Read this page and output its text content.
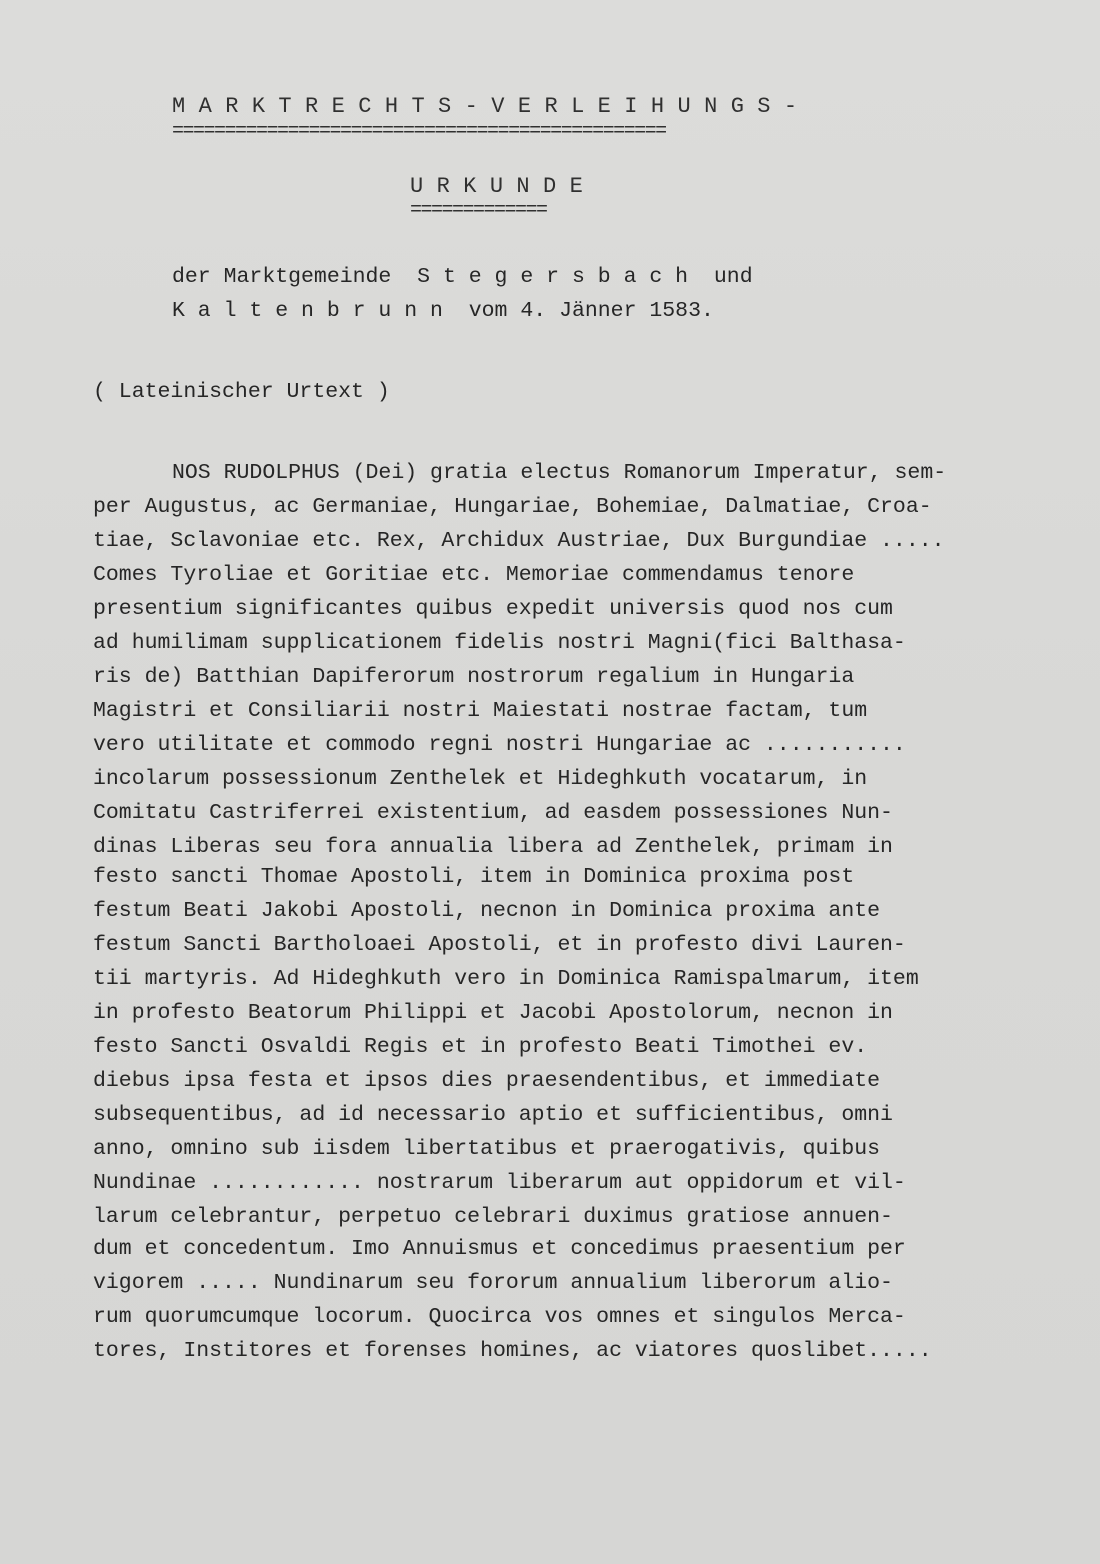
M A R K T R E C H T S - V E R L E I H U N G S -
===============================================
U R K U N D E
=============
der Marktgemeinde  S t e g e r s b a c h  und
K a l t e n b r u n n  vom 4. Jänner 1583.
( Lateinischer Urtext )
NOS RUDOLPHUS (Dei) gratia electus Romanorum Imperatur, sem-
per Augustus, ac Germaniae, Hungariae, Bohemiae, Dalmatiae, Croa-
tiae, Sclavoniae etc. Rex, Archidux Austriae, Dux Burgundiae .....
Comes Tyroliae et Goritiae etc. Memoriae commendamus tenore
presentium significantes quibus expedit universis quod nos cum
ad humilimam supplicationem fidelis nostri Magni(fici Balthasa-
ris de) Batthian Dapiferorum nostrorum regalium in Hungaria
Magistri et Consiliarii nostri Maiestati nostrae factam, tum
vero utilitate et commodo regni nostri Hungariae ac ...........
incolarum possessionum Zenthelek et Hideghkuth vocatarum, in
Comitatu Castriferrei existentium, ad easdem possessiones Nun-
dinas Liberas seu fora annualia libera ad Zenthelek, primam in
festo sancti Thomae Apostoli, item in Dominica proxima post
festum Beati Jakobi Apostoli, necnon in Dominica proxima ante
festum Sancti Bartholoaei Apostoli, et in profesto divi Lauren-
tii martyris. Ad Hideghkuth vero in Dominica Ramispalmarum, item
in profesto Beatorum Philippi et Jacobi Apostolorum, necnon in
festo Sancti Osvaldi Regis et in profesto Beati Timothei ev.
diebus ipsa festa et ipsos dies praesendentibus, et immediate
subsequentibus, ad id necessario aptio et sufficientibus, omni
anno, omnino sub iisdem libertatibus et praerogativis, quibus
Nundinae ............ nostrarum liberarum aut oppidorum et vil-
larum celebrantur, perpetuo celebrari duximus gratiose annuen-
dum et concedentum. Imo Annuismus et concedimus praesentium per
vigorem ..... Nundinarum seu fororum annualium liberorum alio-
rum quorumcumque locorum. Quocirca vos omnes et singulos Merca-
tores, Institores et forenses homines, ac viatores quoslibet.....
